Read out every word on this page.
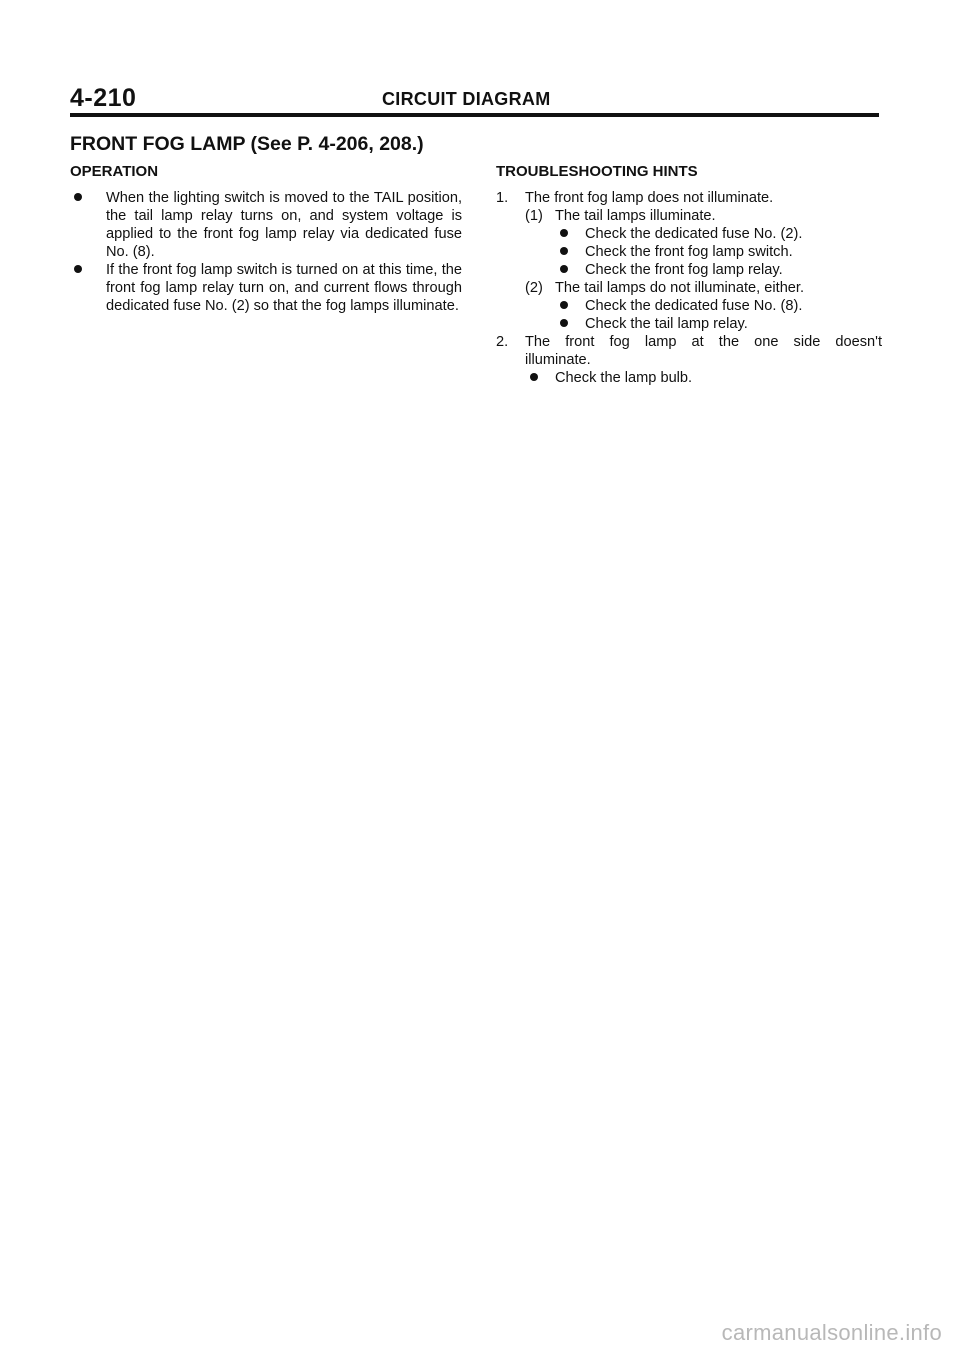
4-210	CIRCUIT DIAGRAM
FRONT FOG LAMP (See P. 4-206, 208.)
OPERATION
When the lighting switch is moved to the TAIL position, the tail lamp relay turns on, and system voltage is applied to the front fog lamp relay via dedicated fuse No. (8).
If the front fog lamp switch is turned on at this time, the front fog lamp relay turn on, and current flows through dedicated fuse No. (2) so that the fog lamps illuminate.
TROUBLESHOOTING HINTS
1.	The front fog lamp does not illuminate.
(1) The tail lamps illuminate.
Check the dedicated fuse No. (2).
Check the front fog lamp switch.
Check the front fog lamp relay.
(2) The tail lamps do not illuminate, either.
Check the dedicated fuse No. (8).
Check the tail lamp relay.
2.	The front fog lamp at the one side doesn't
illuminate.
Check the lamp bulb.
carmanualsonline.info
